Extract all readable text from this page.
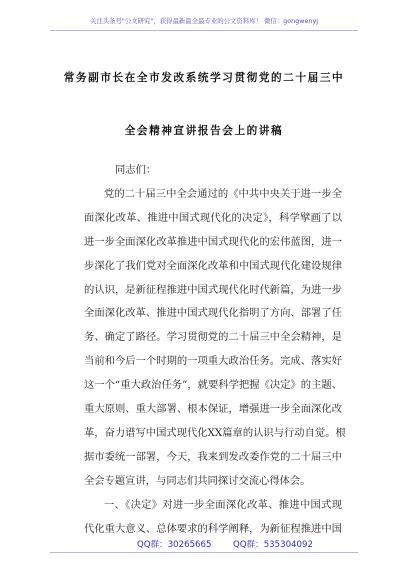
关注头条号"公文研究"，获得最新最全最专业的公文资料库！ 微信：gongwenyj
常务副市长在全市发改系统学习贯彻党的二十届三中
全会精神宣讲报告会上的讲稿
同志们：
党的二十届三中全会通过的《中共中央关于进一步全
面深化改革、推进中国式现代化的决定》，科学擘画了以
进一步全面深化改革推进中国式现代化的宏伟蓝图，进一
步深化了我们党对全面深化改革和中国式现代化建设规律
的认识，是新征程推进中国式现代化时代新篇，为进一步
全面深化改革、推进中国式现代化指明了方向、部署了任
务、确定了路径。学习贯彻党的二十届三中全会精神，是
当前和今后一个时期的一项重大政治任务。完成、落实好
这一个“重大政治任务”，就要科学把握《决定》的主题、
重大原则、重大部署、根本保证，增强进一步全面深化改
革，奋力谱写中国式现代化XX篇章的认识与行动自觉。根
据市委统一部署，今天，我来到发改委作党的二十届三中
全会专题宣讲，与同志们共同探讨交流心得体会。
一、《决定》对进一步全面深化改革、推进中国式现
代化重大意义、总体要求的科学阐释，为新征程推进中国
QQ群：30265665	QQ群：535304092
